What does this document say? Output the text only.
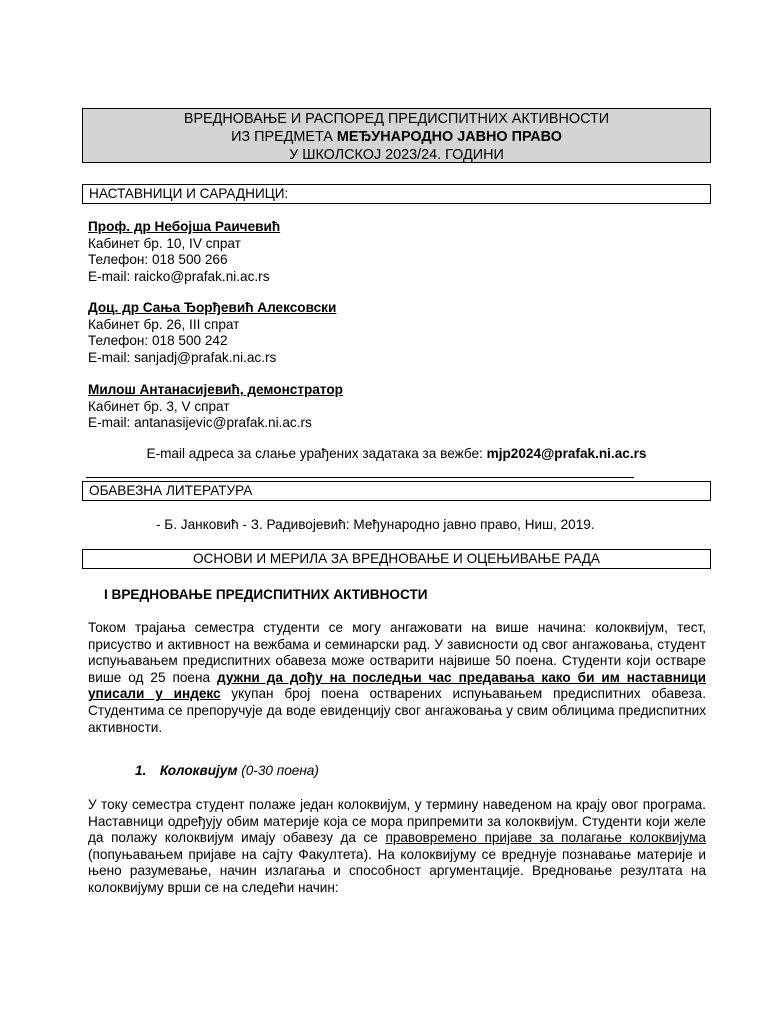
ВРЕДНОВАЊЕ И РАСПОРЕД ПРЕДИСПИТНИХ АКТИВНОСТИ
ИЗ ПРЕДМЕТА МЕЂУНАРОДНО ЈАВНО ПРАВО
У ШКОЛСКОЈ 2023/24. ГОДИНИ
НАСТАВНИЦИ И САРАДНИЦИ:
Проф. др Небојша Раичевић
Кабинет бр. 10, IV спрат
Телефон: 018 500 266
E-mail: raicko@prafak.ni.ac.rs
Доц. др Сања Ђорђевић Алексовски
Кабинет бр. 26, III спрат
Телефон: 018 500 242
E-mail: sanjadj@prafak.ni.ac.rs
Милош Антанасијевић, демонстратор
Кабинет бр. 3, V спрат
E-mail: antanasijevic@prafak.ni.ac.rs
E-mail адреса за слање урађених задатака за вежбе: mjp2024@prafak.ni.ac.rs
ОБАВЕЗНА ЛИТЕРАТУРА
- Б. Јанковић - З. Радивојевић: Међународно јавно право, Ниш, 2019.
ОСНОВИ И МЕРИЛА ЗА ВРЕДНОВАЊЕ И ОЦЕЊИВАЊЕ РАДА
I ВРЕДНОВАЊЕ ПРЕДИСПИТНИХ АКТИВНОСТИ
Током трајања семестра студенти се могу ангажовати на више начина: колоквијум, тест, присуство и активност на вежбама и семинарски рад. У зависности од свог ангажовања, студент испуњавањем предиспитних обавеза може остварити највише 50 поена. Студенти који остваре више од 25 поена дужни да дођу на последњи час предавања како би им наставници уписали у индекс укупан број поена остварених испуњавањем предиспитних обавеза. Студентима се препоручује да воде евиденцију свог ангажовања у свим облицима предиспитних активности.
1. Колоквијум (0-30 поена)
У току семестра студент полаже један колоквијум, у термину наведеном на крају овог програма. Наставници одређују обим материје која се мора припремити за колоквијум. Студенти који желе да полажу колоквијум имају обавезу да се правовремено пријаве за полагање колоквијума (попуњавањем пријаве на сајту Факултета). На колоквијуму се вреднује познавање материје и њено разумевање, начин излагања и способност аргументације. Вредновање резултата на колоквијуму врши се на следећи начин:
